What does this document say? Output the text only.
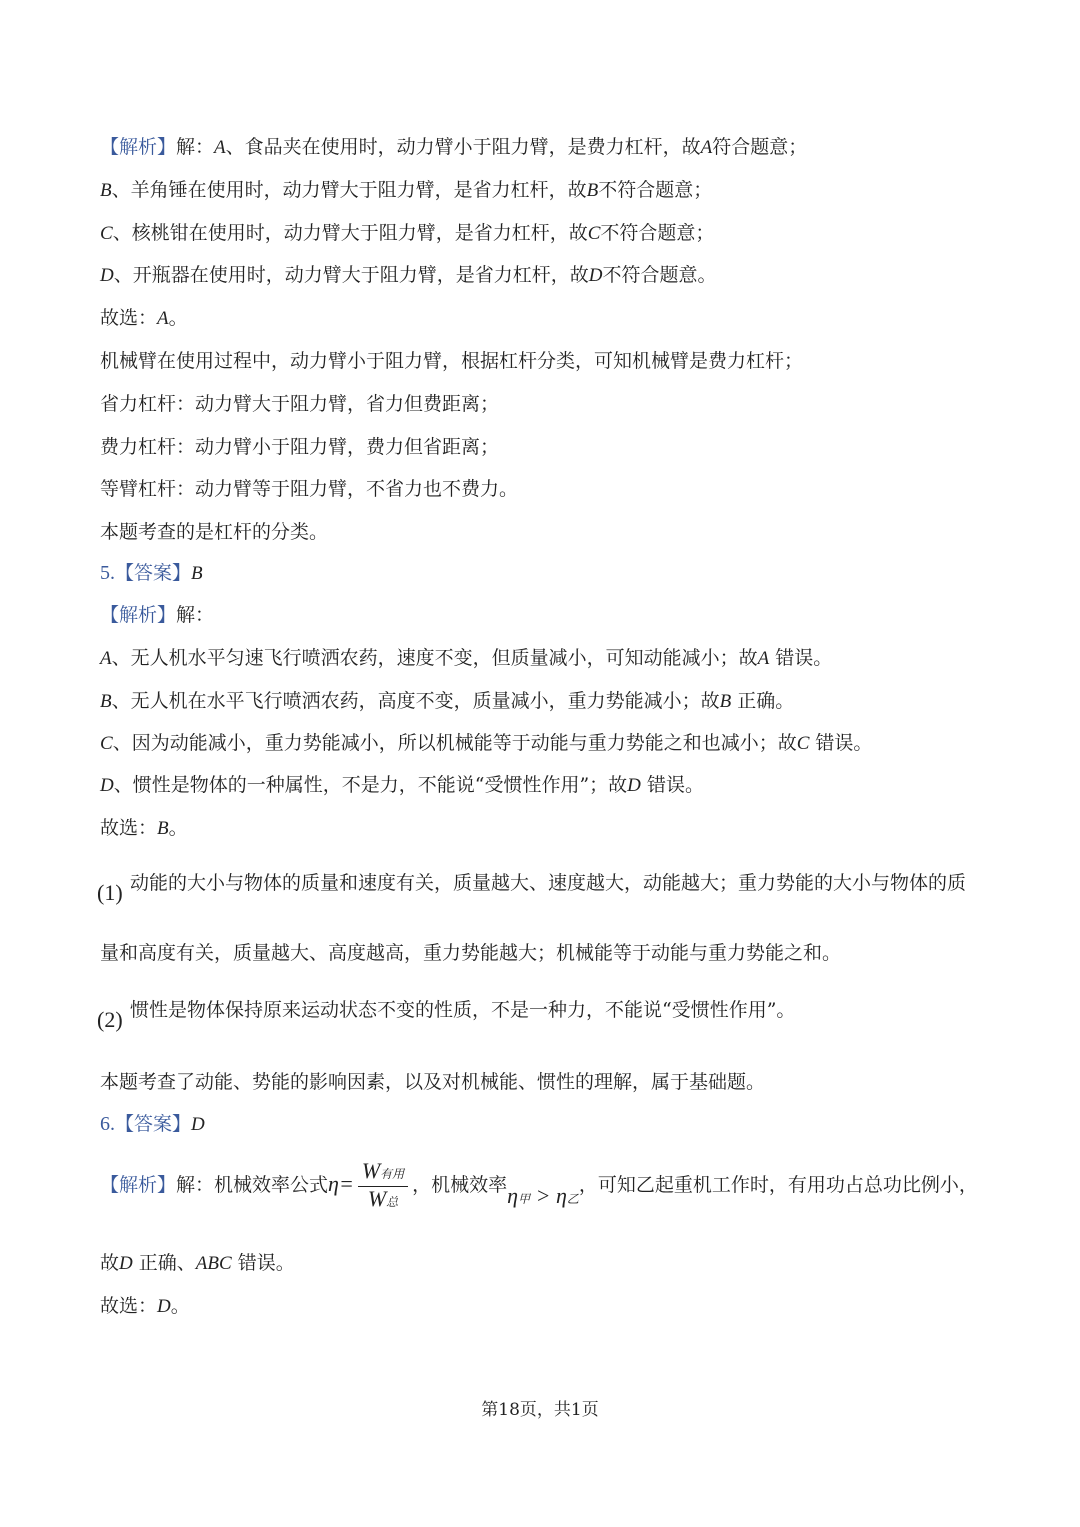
【解析】解：A、食品夹在使用时，动力臂小于阻力臂，是费力杠杆，故A符合题意；
B、羊角锤在使用时，动力臂大于阻力臂，是省力杠杆，故B不符合题意；
C、核桃钳在使用时，动力臂大于阻力臂，是省力杠杆，故C不符合题意；
D、开瓶器在使用时，动力臂大于阻力臂，是省力杠杆，故D不符合题意。
故选：A。
机械臂在使用过程中，动力臂小于阻力臂，根据杠杆分类，可知机械臂是费力杠杆；
省力杠杆：动力臂大于阻力臂，省力但费距离；
费力杠杆：动力臂小于阻力臂，费力但省距离；
等臂杠杆：动力臂等于阻力臂，不省力也不费力。
本题考查的是杠杆的分类。
5.【答案】B
【解析】解：
A、无人机水平匀速飞行喷洒农药，速度不变，但质量减小，可知动能减小；故A 错误。
B、无人机在水平飞行喷洒农药，高度不变，质量减小，重力势能减小；故B 正确。
C、因为动能减小，重力势能减小，所以机械能等于动能与重力势能之和也减小；故C 错误。
D、惯性是物体的一种属性，不是力，不能说“受惯性作用”；故D 错误。
故选：B。
(1) 动能的大小与物体的质量和速度有关，质量越大、速度越大，动能越大；重力势能的大小与物体的质
量和高度有关，质量越大、高度越高，重力势能越大；机械能等于动能与重力势能之和。
(2) 惯性是物体保持原来运动状态不变的性质，不是一种力，不能说“受惯性作用”。
本题考查了动能、势能的影响因素，以及对机械能、惯性的理解，属于基础题。
6.【答案】D
【解析】解：机械效率公式$\eta= \frac{\text{W有用}}{\text{W总}}$ ，机械效率η甲 > η乙，可知乙起重机工作时，有用功占总功比例小，
故D 正确、ABC 错误。
故选：D。
第18页，共1页
